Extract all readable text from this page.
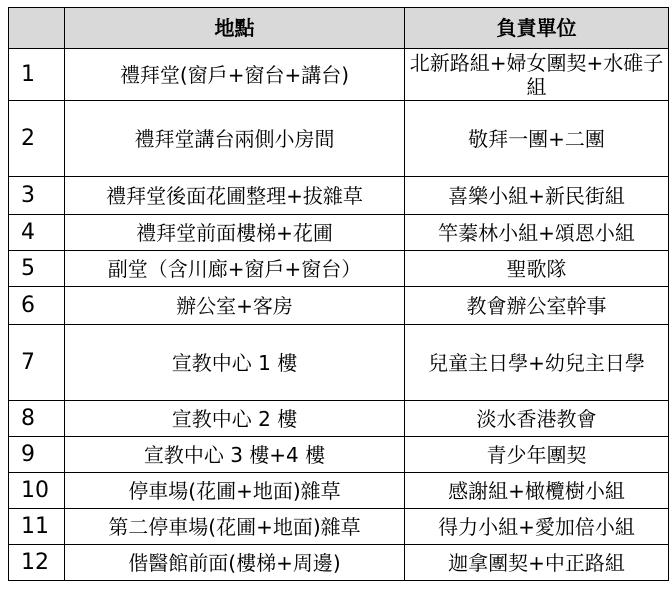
	地點	負責單位
1	禮拜堂(窗戶+窗台+講台)	北新路組+婦女團契+水碓子組
2	禮拜堂講台兩側小房間	敬拜一團+二團
3	禮拜堂後面花圃整理+拔雜草	喜樂小組+新民街組
4	禮拜堂前面樓梯+花圃	竿蓁林小組+頌恩小組
5	副堂（含川廊+窗戶+窗台）	聖歌隊
6	辦公室+客房	教會辦公室幹事
7	宣教中心 1 樓	兒童主日學+幼兒主日學
8	宣教中心 2 樓	淡水香港教會
9	宣教中心 3 樓+4 樓	青少年團契
10	停車場(花圃+地面)雜草	感謝組+橄欖樹小組
11	第二停車場(花圃+地面)雜草	得力小組+愛加倍小組
12	偕醫館前面(樓梯+周邊)	迦拿團契+中正路組
